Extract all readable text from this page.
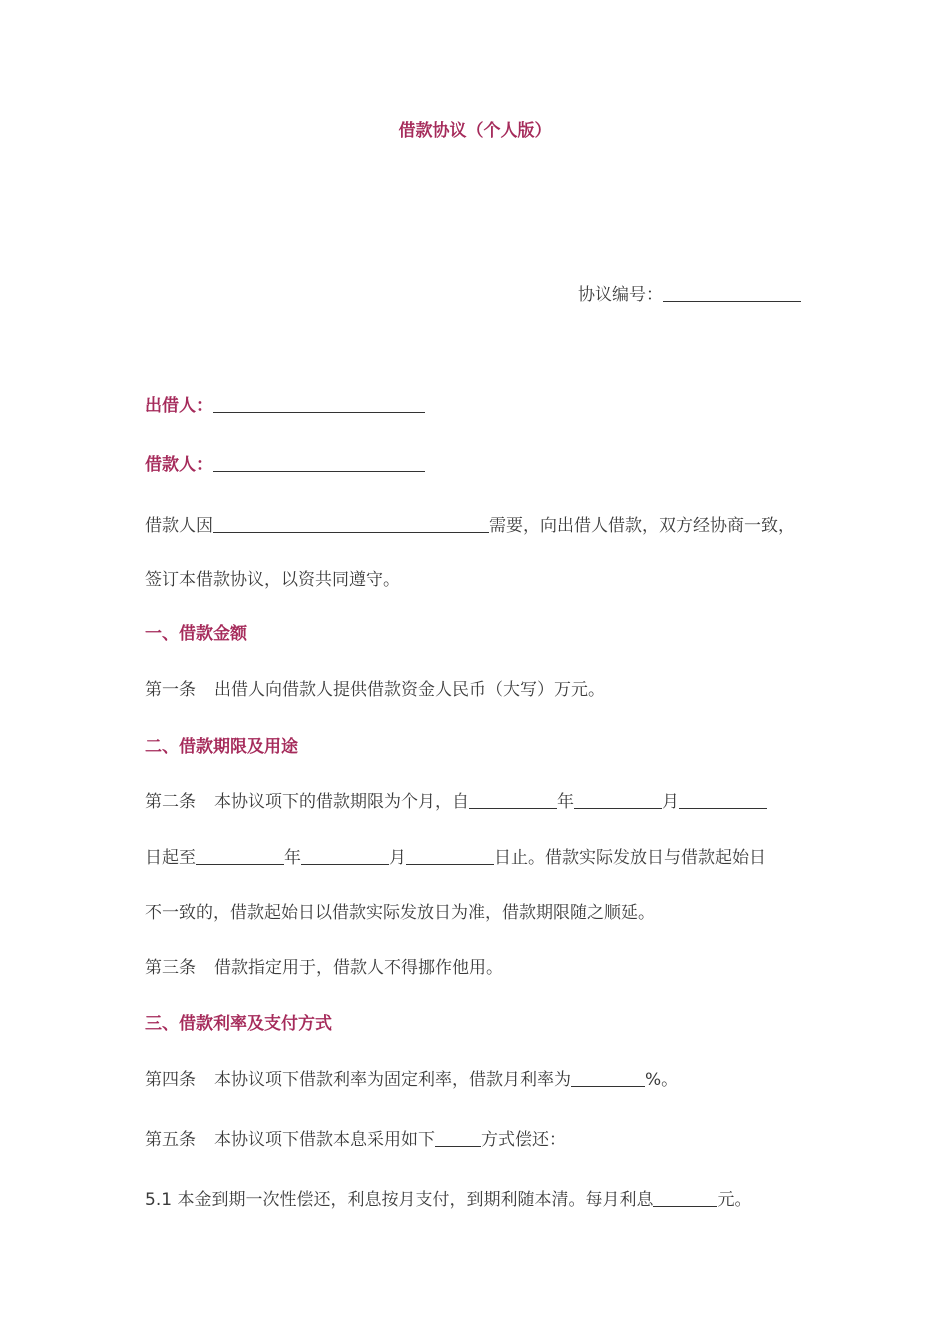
借款协议（个人版）
协议编号：
出借人：
借款人：
借款人因	需要，向出借人借款，双方经协商一致，
签订本借款协议，以资共同遵守。
一、借款金额
第一条 出借人向借款人提供借款资金人民币（大写）万元。
二、借款期限及用途
第二条 本协议项下的借款期限为个月，自	年	月
日起至	年	月	日止。借款实际发放日与借款起始日
不一致的，借款起始日以借款实际发放日为准，借款期限随之顺延。
第三条 借款指定用于，借款人不得挪作他用。
三、借款利率及支付方式
第四条 本协议项下借款利率为固定利率，借款月利率为	%。
第五条 本协议项下借款本息采用如下	方式偿还：
5.1 本金到期一次性偿还，利息按月支付，到期利随本清。每月利息	元。
